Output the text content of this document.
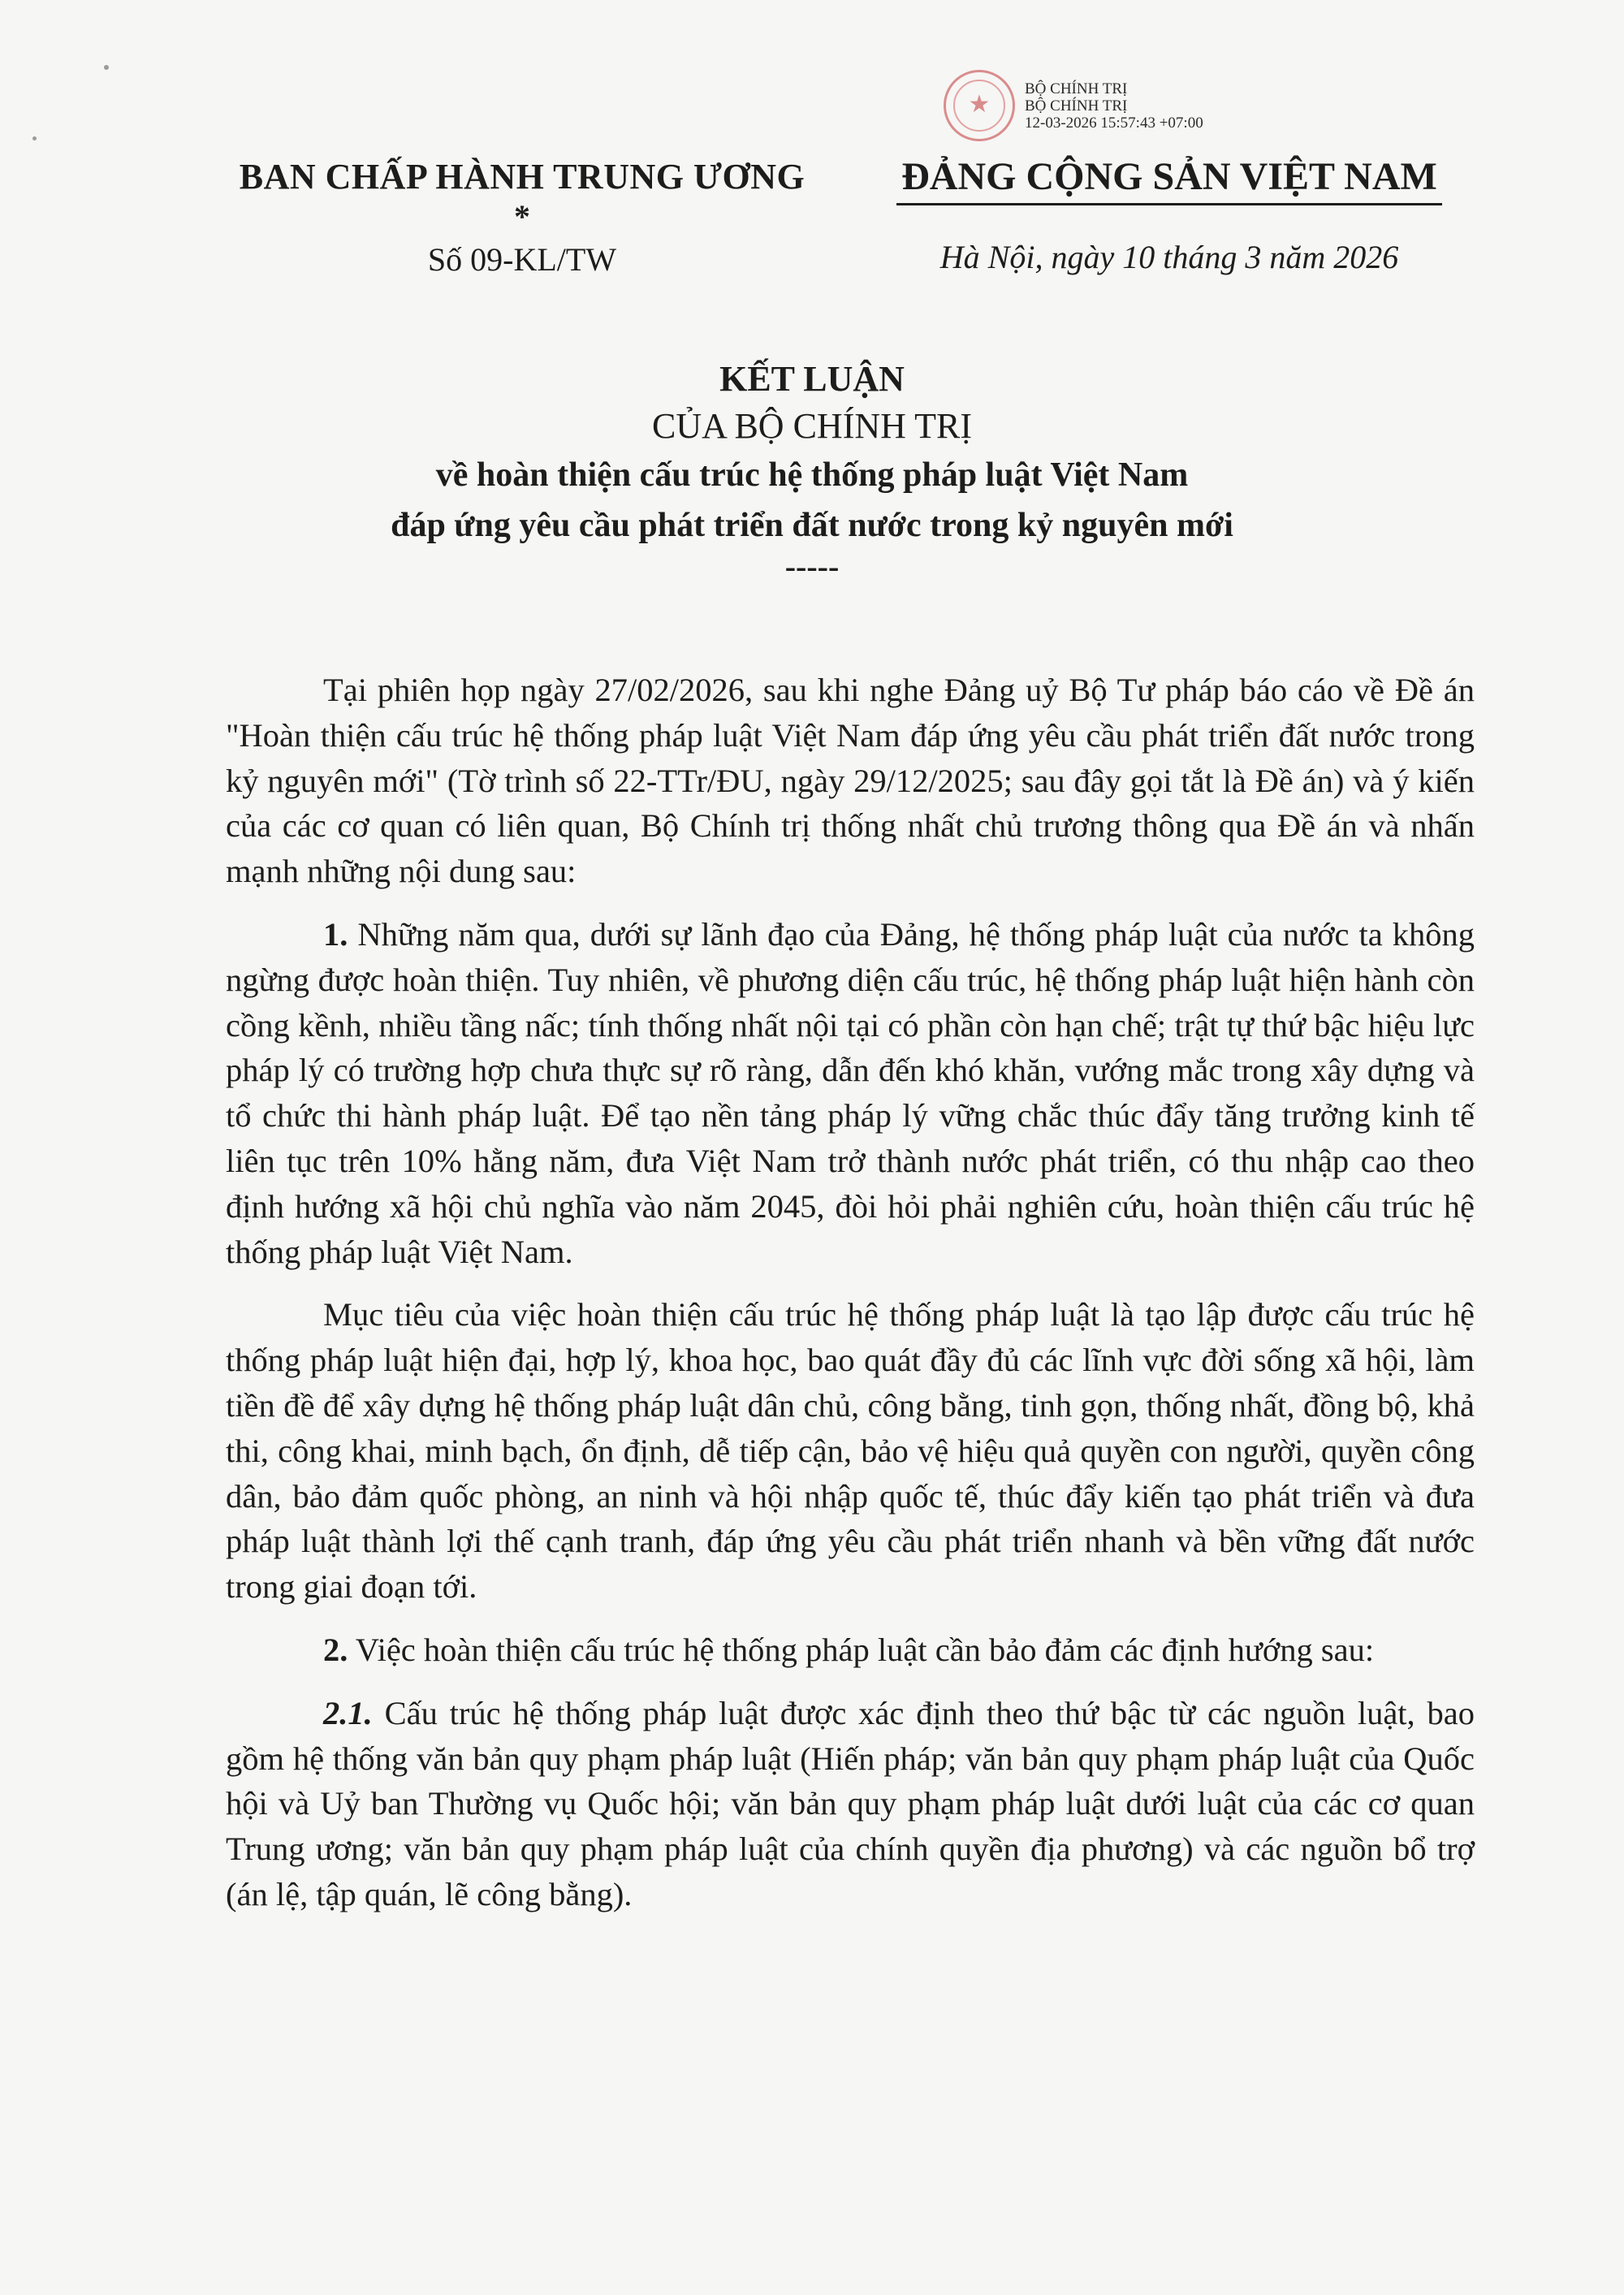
★
BỘ CHÍNH TRỊ
BỘ CHÍNH TRỊ
12-03-2026 15:57:43 +07:00
BAN CHẤP HÀNH TRUNG ƯƠNG
*
Số 09-KL/TW
ĐẢNG CỘNG SẢN VIỆT NAM
Hà Nội, ngày 10 tháng 3 năm 2026
KẾT LUẬN
CỦA BỘ CHÍNH TRỊ
về hoàn thiện cấu trúc hệ thống pháp luật Việt Nam
đáp ứng yêu cầu phát triển đất nước trong kỷ nguyên mới
-----

Tại phiên họp ngày 27/02/2026, sau khi nghe Đảng uỷ Bộ Tư pháp báo cáo về Đề án "Hoàn thiện cấu trúc hệ thống pháp luật Việt Nam đáp ứng yêu cầu phát triển đất nước trong kỷ nguyên mới" (Tờ trình số 22-TTr/ĐU, ngày 29/12/2025; sau đây gọi tắt là Đề án) và ý kiến của các cơ quan có liên quan, Bộ Chính trị thống nhất chủ trương thông qua Đề án và nhấn mạnh những nội dung sau:

1. Những năm qua, dưới sự lãnh đạo của Đảng, hệ thống pháp luật của nước ta không ngừng được hoàn thiện. Tuy nhiên, về phương diện cấu trúc, hệ thống pháp luật hiện hành còn cồng kềnh, nhiều tầng nấc; tính thống nhất nội tại có phần còn hạn chế; trật tự thứ bậc hiệu lực pháp lý có trường hợp chưa thực sự rõ ràng, dẫn đến khó khăn, vướng mắc trong xây dựng và tổ chức thi hành pháp luật. Để tạo nền tảng pháp lý vững chắc thúc đẩy tăng trưởng kinh tế liên tục trên 10% hằng năm, đưa Việt Nam trở thành nước phát triển, có thu nhập cao theo định hướng xã hội chủ nghĩa vào năm 2045, đòi hỏi phải nghiên cứu, hoàn thiện cấu trúc hệ thống pháp luật Việt Nam.

Mục tiêu của việc hoàn thiện cấu trúc hệ thống pháp luật là tạo lập được cấu trúc hệ thống pháp luật hiện đại, hợp lý, khoa học, bao quát đầy đủ các lĩnh vực đời sống xã hội, làm tiền đề để xây dựng hệ thống pháp luật dân chủ, công bằng, tinh gọn, thống nhất, đồng bộ, khả thi, công khai, minh bạch, ổn định, dễ tiếp cận, bảo vệ hiệu quả quyền con người, quyền công dân, bảo đảm quốc phòng, an ninh và hội nhập quốc tế, thúc đẩy kiến tạo phát triển và đưa pháp luật thành lợi thế cạnh tranh, đáp ứng yêu cầu phát triển nhanh và bền vững đất nước trong giai đoạn tới.

2. Việc hoàn thiện cấu trúc hệ thống pháp luật cần bảo đảm các định hướng sau:

2.1. Cấu trúc hệ thống pháp luật được xác định theo thứ bậc từ các nguồn luật, bao gồm hệ thống văn bản quy phạm pháp luật (Hiến pháp; văn bản quy phạm pháp luật của Quốc hội và Uỷ ban Thường vụ Quốc hội; văn bản quy phạm pháp luật dưới luật của các cơ quan Trung ương; văn bản quy phạm pháp luật của chính quyền địa phương) và các nguồn bổ trợ (án lệ, tập quán, lẽ công bằng).
